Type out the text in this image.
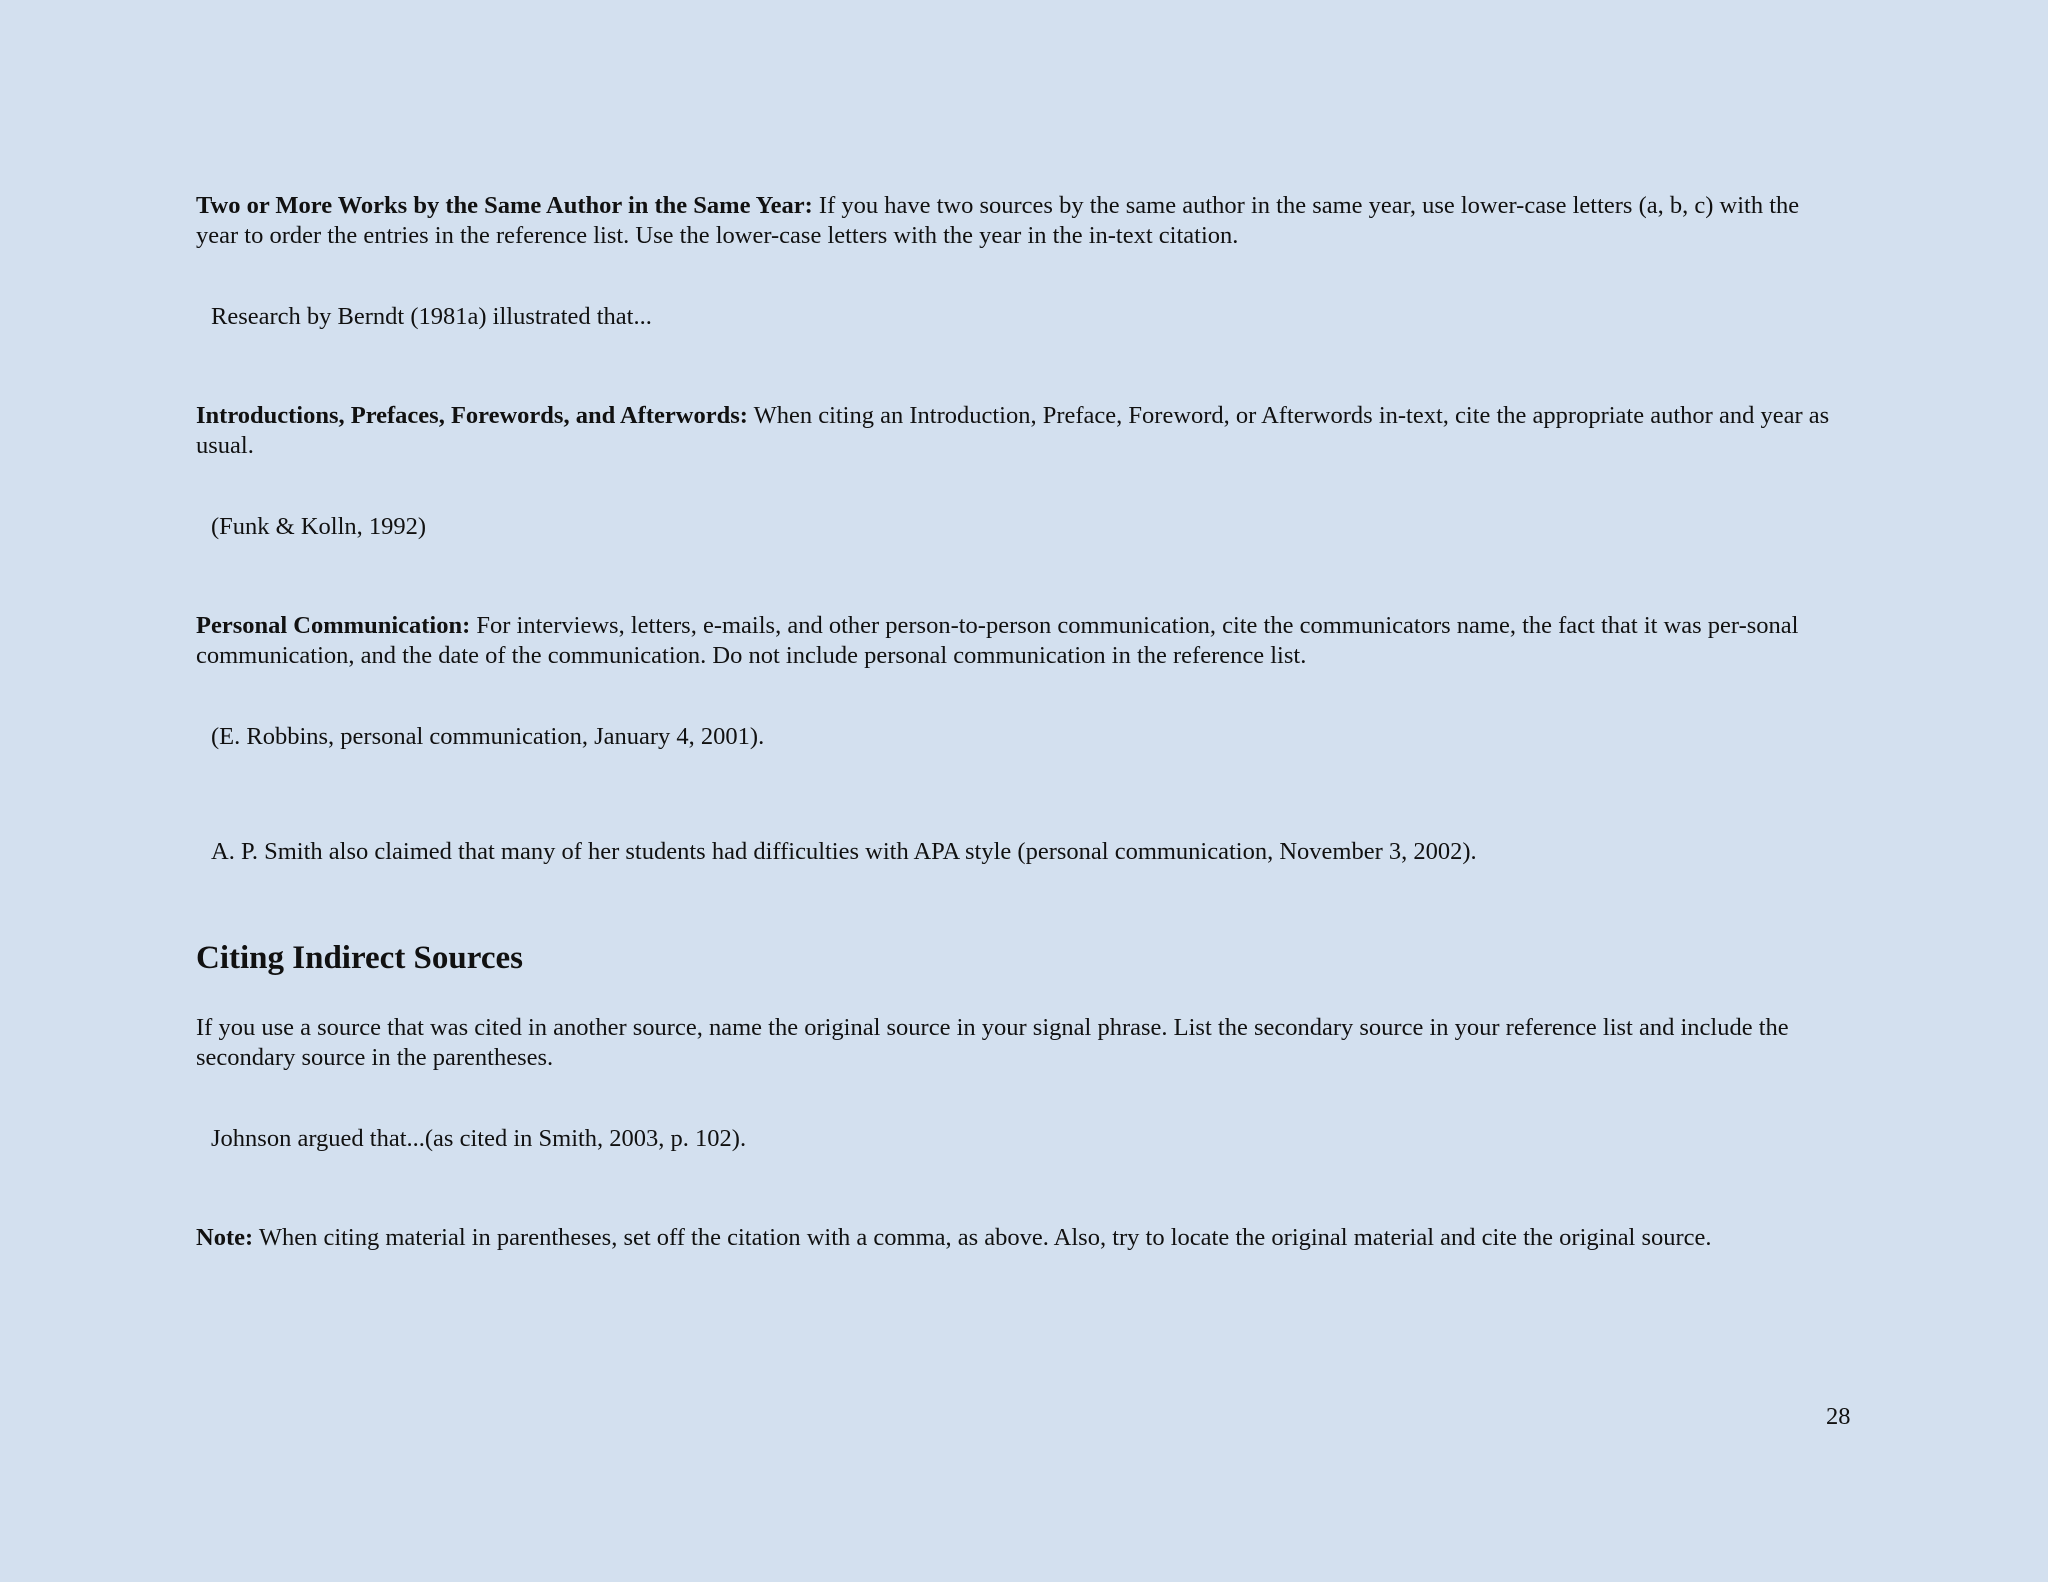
Two or More Works by the Same Author in the Same Year: If you have two sources by the same author in the same year, use lower-case letters (a, b, c) with the year to order the entries in the reference list. Use the lower-case letters with the year in the in-text citation.
Research by Berndt (1981a) illustrated that...
Introductions, Prefaces, Forewords, and Afterwords: When citing an Introduction, Preface, Foreword, or Afterwords in-text, cite the appropriate author and year as usual.
(Funk & Kolln, 1992)
Personal Communication: For interviews, letters, e-mails, and other person-to-person communication, cite the communicators name, the fact that it was per-sonal communication, and the date of the communication. Do not include personal communication in the reference list.
(E. Robbins, personal communication, January 4, 2001).
A. P. Smith also claimed that many of her students had difficulties with APA style (personal communication, November 3, 2002).
Citing Indirect Sources
If you use a source that was cited in another source, name the original source in your signal phrase. List the secondary source in your reference list and include the secondary source in the parentheses.
Johnson argued that...(as cited in Smith, 2003, p. 102).
Note: When citing material in parentheses, set off the citation with a comma, as above. Also, try to locate the original material and cite the original source.
28
